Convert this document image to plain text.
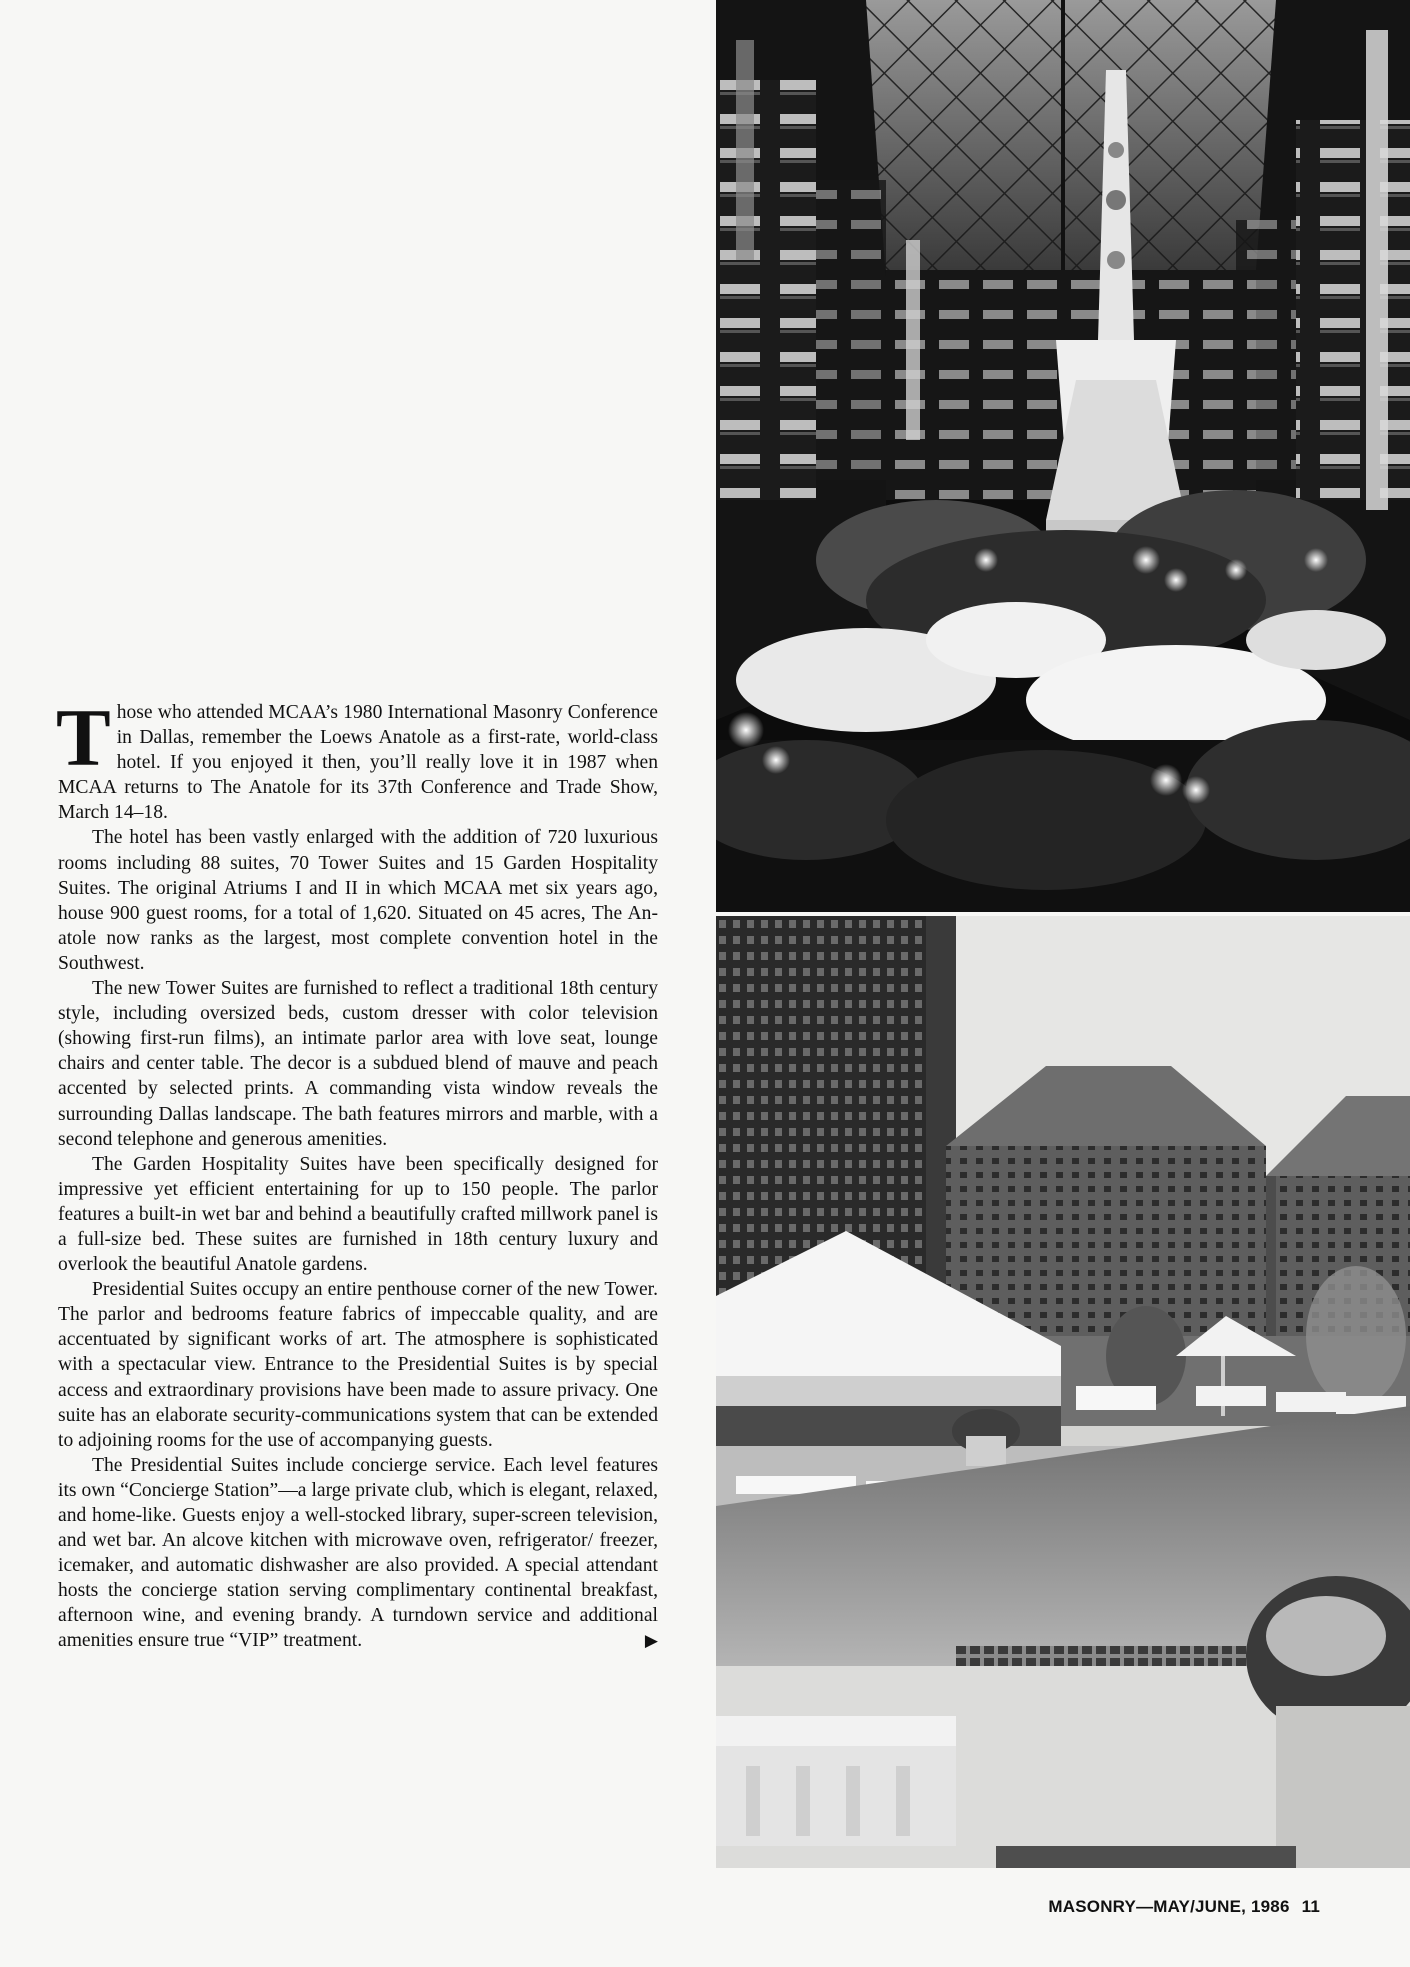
Those who attended MCAA’s 1980 International Masonry Conference in Dallas, remember the Loews Anatole as a first-rate, world-class hotel. If you enjoyed it then, you’ll really love it in 1987 when MCAA returns to The Anatole for its 37th Conference and Trade Show, March 14–18.

The hotel has been vastly enlarged with the addition of 720 luxurious rooms including 88 suites, 70 Tower Suites and 15 Garden Hospitality Suites. The original Atriums I and II in which MCAA met six years ago, house 900 guest rooms, for a total of 1,620. Situated on 45 acres, The Anatole now ranks as the largest, most complete convention hotel in the Southwest.

The new Tower Suites are furnished to reflect a traditional 18th century style, including oversized beds, custom dresser with color television (showing first-run films), an intimate parlor area with love seat, lounge chairs and center table. The decor is a subdued blend of mauve and peach accented by selected prints. A commanding vista window reveals the surrounding Dallas landscape. The bath features mirrors and marble, with a second telephone and generous amenities.

The Garden Hospitality Suites have been specifically designed for impressive yet efficient entertaining for up to 150 people. The parlor features a built-in wet bar and behind a beautifully crafted millwork panel is a full-size bed. These suites are furnished in 18th century luxury and overlook the beautiful Anatole gardens.

Presidential Suites occupy an entire penthouse corner of the new Tower. The parlor and bedrooms feature fabrics of impeccable quality, and are accentuated by significant works of art. The atmosphere is sophisticated with a spectacular view. Entrance to the Presidential Suites is by special access and extraordinary provisions have been made to assure privacy. One suite has an elaborate security-communications system that can be extended to adjoining rooms for the use of accompanying guests.

The Presidential Suites include concierge service. Each level features its own “Concierge Station”—a large private club, which is elegant, relaxed, and home-like. Guests enjoy a well-stocked library, super-screen television, and wet bar. An alcove kitchen with microwave oven, refrigerator/ freezer, icemaker, and automatic dishwasher are also provided. A special attendant hosts the concierge station serving complimentary continental breakfast, afternoon wine, and evening brandy. A turndown service and additional amenities ensure true “VIP” treatment.	▶

MASONRY—MAY/JUNE, 1986 11
